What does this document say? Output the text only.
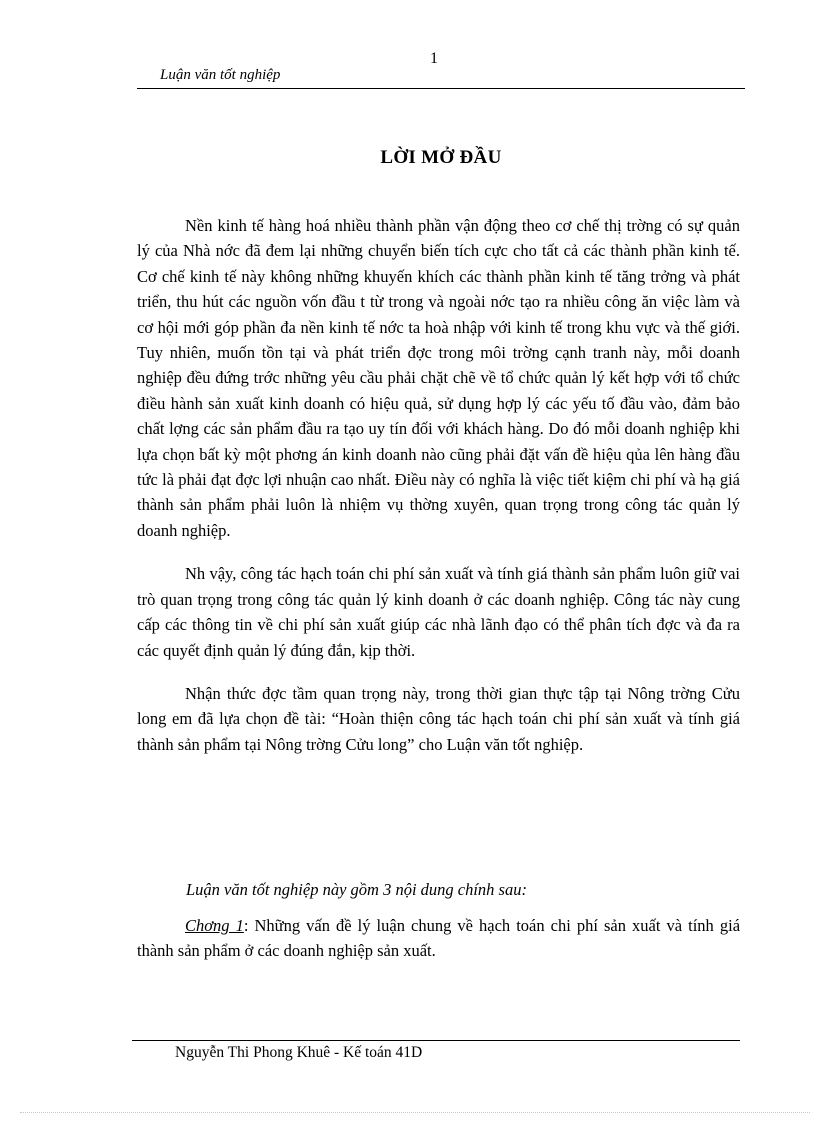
1
Luận văn tốt nghiệp
LỜI MỞ ĐẦU

Nền kinh tế hàng hoá nhiều thành phần vận động theo cơ chế thị trờng có sự quản lý của Nhà nớc đã đem lại những chuyển biến tích cực cho tất cả các thành phần kinh tế. Cơ chế kinh tế này không những khuyến khích các thành phần kinh tế tăng trởng và phát triển, thu hút các nguồn vốn đầu t từ trong và ngoài nớc tạo ra nhiều công ăn việc làm và cơ hội mới góp phần đa nền kinh tế nớc ta hoà nhập với kinh tế trong khu vực và thế giới. Tuy nhiên, muốn tồn tại và phát triển đợc trong môi trờng cạnh tranh này, mỗi doanh nghiệp đều đứng trớc những yêu cầu phải chặt chẽ về tổ chức quản lý kết hợp với tổ chức điều hành sản xuất kinh doanh có hiệu quả, sử dụng hợp lý các yếu tố đầu vào, đảm bảo chất lợng các sản phẩm đầu ra tạo uy tín đối với khách hàng. Do đó mỗi doanh nghiệp khi lựa chọn bất kỳ một phơng án kinh doanh nào cũng phải đặt vấn đề hiệu qủa lên hàng đầu tức là phải đạt đợc lợi nhuận cao nhất. Điều này có nghĩa là việc tiết kiệm chi phí và hạ giá thành sản phẩm phải luôn là nhiệm vụ thờng xuyên, quan trọng trong công tác quản lý doanh nghiệp.

Nh vậy, công tác hạch toán chi phí sản xuất và tính giá thành sản phẩm luôn giữ vai trò quan trọng trong công tác quản lý kinh doanh ở các doanh nghiệp. Công tác này cung cấp các thông tin về chi phí sản xuất giúp các nhà lãnh đạo có thể phân tích đợc và đa ra các quyết định quản lý đúng đắn, kịp thời.

Nhận thức đợc tầm quan trọng này, trong thời gian thực tập tại Nông trờng Cửu long em đã lựa chọn đề tài: “Hoàn thiện công tác hạch toán chi phí sản xuất và tính giá thành sản phẩm tại Nông trờng Cửu long” cho Luận văn tốt nghiệp.

Luận văn tốt nghiệp này gồm 3 nội dung chính sau:
Chơng 1: Những vấn đề lý luận chung về hạch toán chi phí sản xuất và tính giá thành sản phẩm ở các doanh nghiệp sản xuất.
Nguyễn Thi Phong Khuê - Kế toán 41D
